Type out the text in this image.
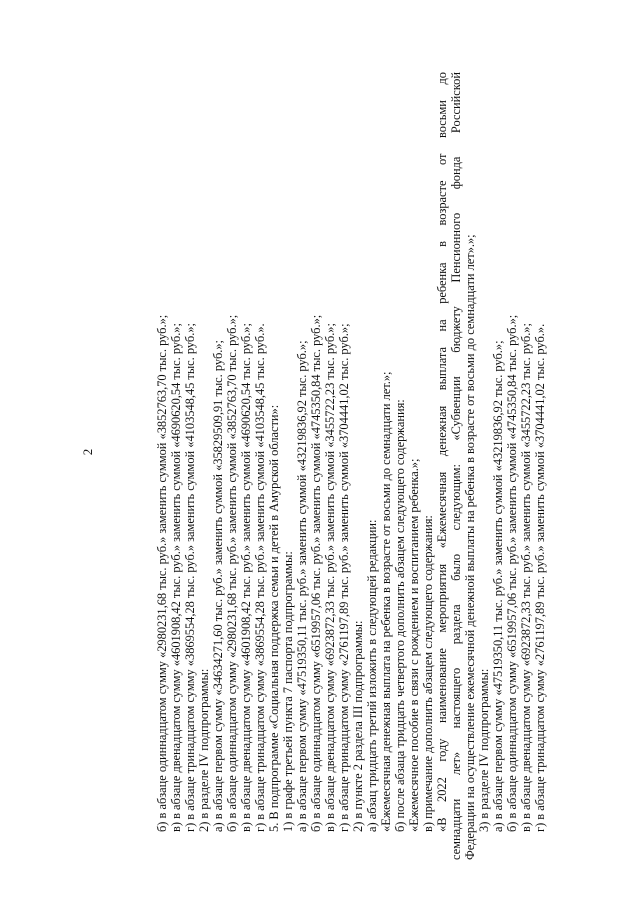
2	б) в абзаце одиннадцатом сумму «2980231,68 тыс. руб.» заменить суммой «3852763,70 тыс. руб.»; в) в абзаце двенадцатом сумму «4601908,42 тыс. руб.» заменить суммой «4690620,54 тыс. руб.»; г) в абзаце тринадцатом сумму «3869554,28 тыс. руб.» заменить суммой «4103548,45 тыс. руб.»; 2) в разделе IV подпрограммы: а) в абзаце первом сумму «34634271,60 тыс. руб.» заменить суммой «35829509,91 тыс. руб.»; б) в абзаце одиннадцатом сумму «2980231,68 тыс. руб.» заменить суммой «3852763,70 тыс. руб.»; в) в абзаце двенадцатом сумму «4601908,42 тыс. руб.» заменить суммой «4690620,54 тыс. руб.»; г) в абзаце тринадцатом сумму «3869554,28 тыс. руб.» заменить суммой «4103548,45 тыс. руб.». 5. В подпрограмме «Социальная поддержка семьи и детей в Амурской области»: 1) в графе третьей пункта 7 паспорта подпрограммы: а) в абзаце первом сумму «47519350,11 тыс. руб.» заменить суммой «43219836,92 тыс. руб.»; б) в абзаце одиннадцатом сумму «6519957,06 тыс. руб.» заменить суммой «4745350,84 тыс. руб.»; в) в абзаце двенадцатом сумму «6923872,33 тыс. руб.» заменить суммой «3455722,23 тыс. руб.»; г) в абзаце тринадцатом сумму «2761197,89 тыс. руб.» заменить суммой «3704441,02 тыс. руб.»; 2) в пункте 2 раздела III подпрограммы: а) абзац тридцать третий изложить в следующей редакции: «Ежемесячная денежная выплата на ребенка в возрасте от восьми до семнадцати лет.»; б) после абзаца тридцать четвертого дополнить абзацем следующего содержания: «Ежемесячное пособие в связи с рождением и воспитанием ребенка.»; в) примечание дополнить абзацем следующего содержания: «В 2022 году наименование мероприятия «Ежемесячная денежная выплата на ребенка в возрасте от восьми до семнадцати лет» настоящего раздела было следующим: «Субвенции бюджету Пенсионного фонда Российской Федерации на осуществление ежемесячной денежной выплаты на ребенка в возрасте от восьми до семнадцати лет».»; 3) в разделе IV подпрограммы: а) в абзаце первом сумму «47519350,11 тыс. руб.» заменить суммой «43219836,92 тыс. руб.»; б) в абзаце одиннадцатом сумму «6519957,06 тыс. руб.» заменить суммой «4745350,84 тыс. руб.»; в) в абзаце двенадцатом сумму «6923872,33 тыс. руб.» заменить суммой «3455722,23 тыс. руб.»; г) в абзаце тринадцатом сумму «2761197,89 тыс. руб.» заменить суммой «3704441,02 тыс. руб.».
